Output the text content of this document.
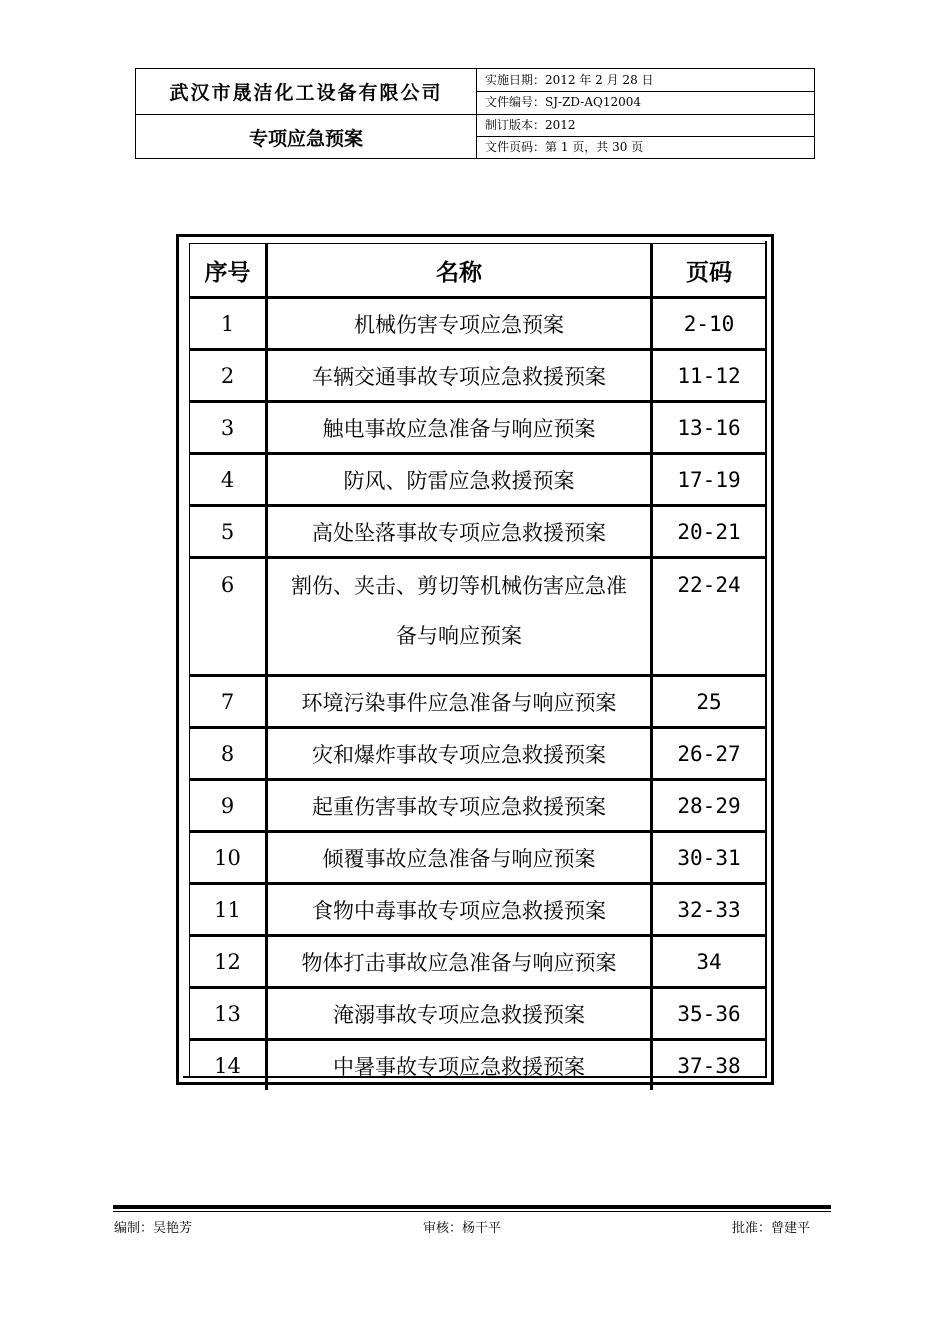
武汉市晟洁化工设备有限公司
专项应急预案
实施日期：2012 年 2 月 28 日
文件编号：SJ-ZD-AQ12004
制订版本：2012
文件页码：第 1 页，共 30 页
序号	名称	页码
1	机械伤害专项应急预案	2-10
2	车辆交通事故专项应急救援预案	11-12
3	触电事故应急准备与响应预案	13-16
4	防风、防雷应急救援预案	17-19
5	高处坠落事故专项应急救援预案	20-21
6	割伤、夹击、剪切等机械伤害应急准备与响应预案	22-24
7	环境污染事件应急准备与响应预案	25
8	灾和爆炸事故专项应急救援预案	26-27
9	起重伤害事故专项应急救援预案	28-29
10	倾覆事故应急准备与响应预案	30-31
11	食物中毒事故专项应急救援预案	32-33
12	物体打击事故应急准备与响应预案	34
13	淹溺事故专项应急救援预案	35-36
14	中暑事故专项应急救援预案	37-38
编制：吴艳芳	审核：杨干平	批准：曾建平
